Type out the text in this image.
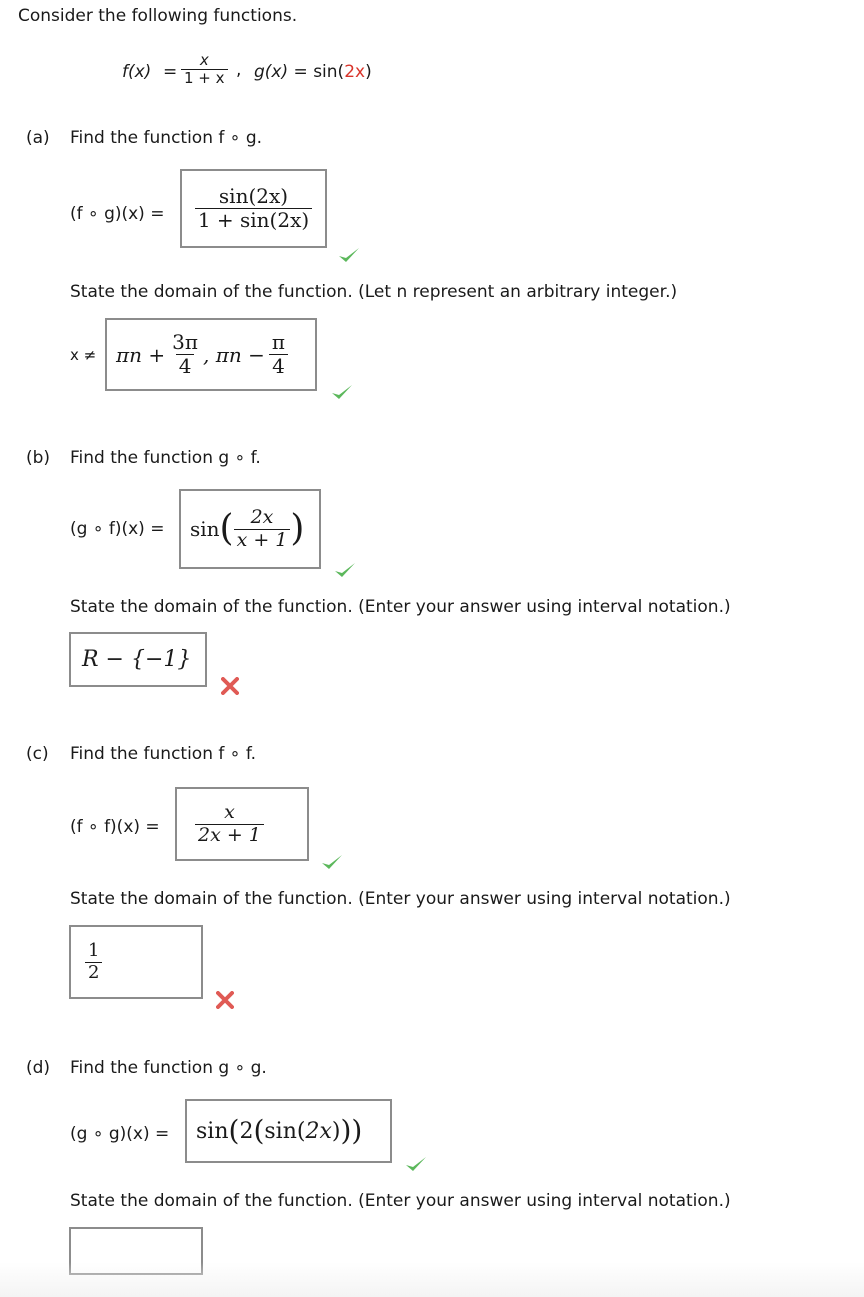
Consider the following functions.
$f(x) = \frac{x}{1 + x}$ , g(x) = sin(2x)
(a) Find the function f ∘ g.
(f ∘ $g)(x) = \frac{\sin(2x)}{1 + \sin(2x)}$
State the domain of the function. (Let n represent an arbitrary integer.)
$x \ne \pi n + \frac{3\pi}{4}$ , $\pi n - \frac{\pi}{4}$
(b) Find the function g ∘ f.
(g ∘ f)(x) = sin ( $\frac{2x}{x + 1}$ )
State the domain of the function. (Enter your answer using interval notation.)
R − {−1}
(c) Find the function f ∘ f.
(f ∘ $f)(x) = \frac{x}{2x + 1}$
State the domain of the function. (Enter your answer using interval notation.)
$\frac{1}{2}$
(d) Find the function g ∘ g.
(g ∘ g)(x) = sin ( 2 ( sin ( 2x ) ) )
State the domain of the function. (Enter your answer using interval notation.)
